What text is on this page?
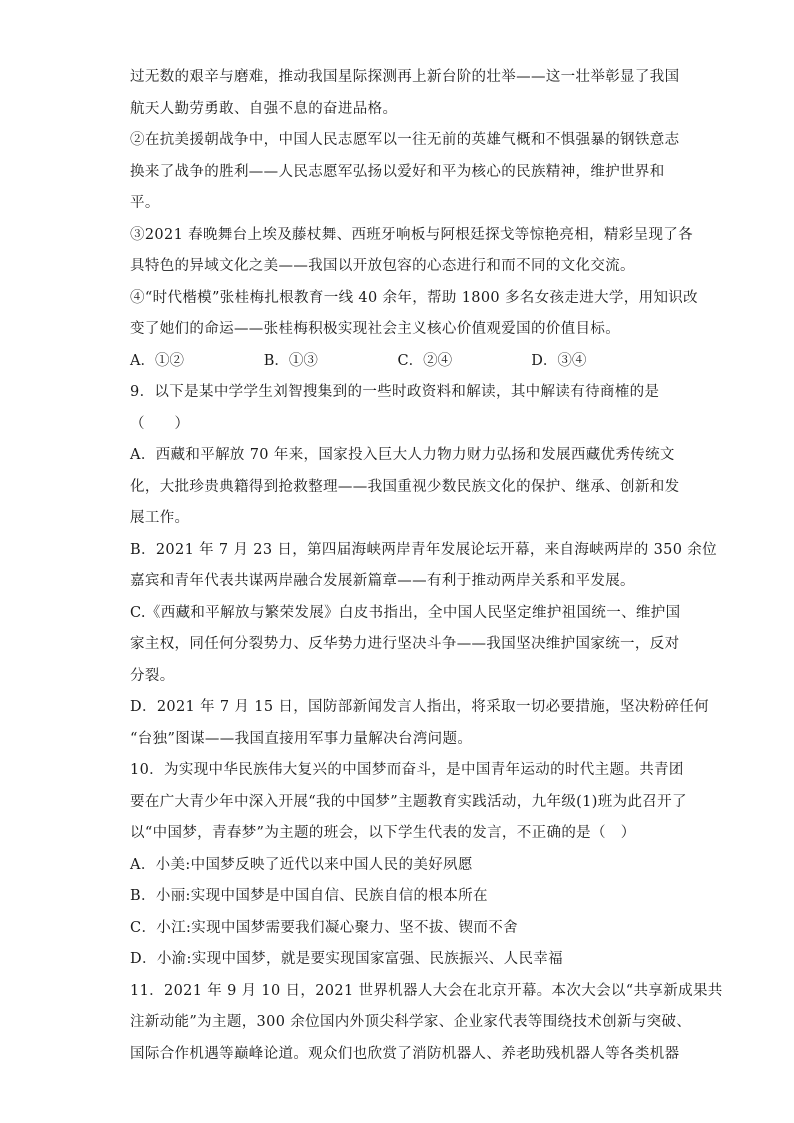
过无数的艰辛与磨难，推动我国星际探测再上新台阶的壮举——这一壮举彰显了我国
航天人勤劳勇敢、自强不息的奋进品格。
②在抗美援朝战争中，中国人民志愿军以一往无前的英雄气概和不惧强暴的钢铁意志
换来了战争的胜利——人民志愿军弘扬以爱好和平为核心的民族精神，维护世界和
平。
③2021 春晚舞台上埃及藤杖舞、西班牙响板与阿根廷探戈等惊艳亮相，精彩呈现了各
具特色的异域文化之美——我国以开放包容的心态进行和而不同的文化交流。
④“时代楷模”张桂梅扎根教育一线 40 余年，帮助 1800 多名女孩走进大学，用知识改
变了她们的命运——张桂梅积极实现社会主义核心价值观爱国的价值目标。
A．①②	B．①③	C．②④	D．③④
9．以下是某中学学生刘智搜集到的一些时政资料和解读，其中解读有待商榷的是
（　　）
A．西藏和平解放 70 年来，国家投入巨大人力物力财力弘扬和发展西藏优秀传统文
化，大批珍贵典籍得到抢救整理——我国重视少数民族文化的保护、继承、创新和发
展工作。
B．2021 年 7 月 23 日，第四届海峡两岸青年发展论坛开幕，来自海峡两岸的 350 余位
嘉宾和青年代表共谋两岸融合发展新篇章——有利于推动两岸关系和平发展。
C.《西藏和平解放与繁荣发展》白皮书指出，全中国人民坚定维护祖国统一、维护国
家主权，同任何分裂势力、反华势力进行坚决斗争——我国坚决维护国家统一，反对
分裂。
D．2021 年 7 月 15 日，国防部新闻发言人指出，将采取一切必要措施，坚决粉碎任何
“台独”图谋——我国直接用军事力量解决台湾问题。
10．为实现中华民族伟大复兴的中国梦而奋斗，是中国青年运动的时代主题。共青团
要在广大青少年中深入开展“我的中国梦”主题教育实践活动，九年级(1)班为此召开了
以“中国梦，青春梦”为主题的班会，以下学生代表的发言，不正确的是（　）
A．小美:中国梦反映了近代以来中国人民的美好夙愿
B．小丽:实现中国梦是中国自信、民族自信的根本所在
C．小江:实现中国梦需要我们凝心聚力、坚不拔、锲而不舍
D．小渝:实现中国梦，就是要实现国家富强、民族振兴、人民幸福
11．2021 年 9 月 10 日，2021 世界机器人大会在北京开幕。本次大会以“共享新成果共
注新动能”为主题，300 余位国内外顶尖科学家、企业家代表等围绕技术创新与突破、
国际合作机遇等巅峰论道。观众们也欣赏了消防机器人、养老助残机器人等各类机器
